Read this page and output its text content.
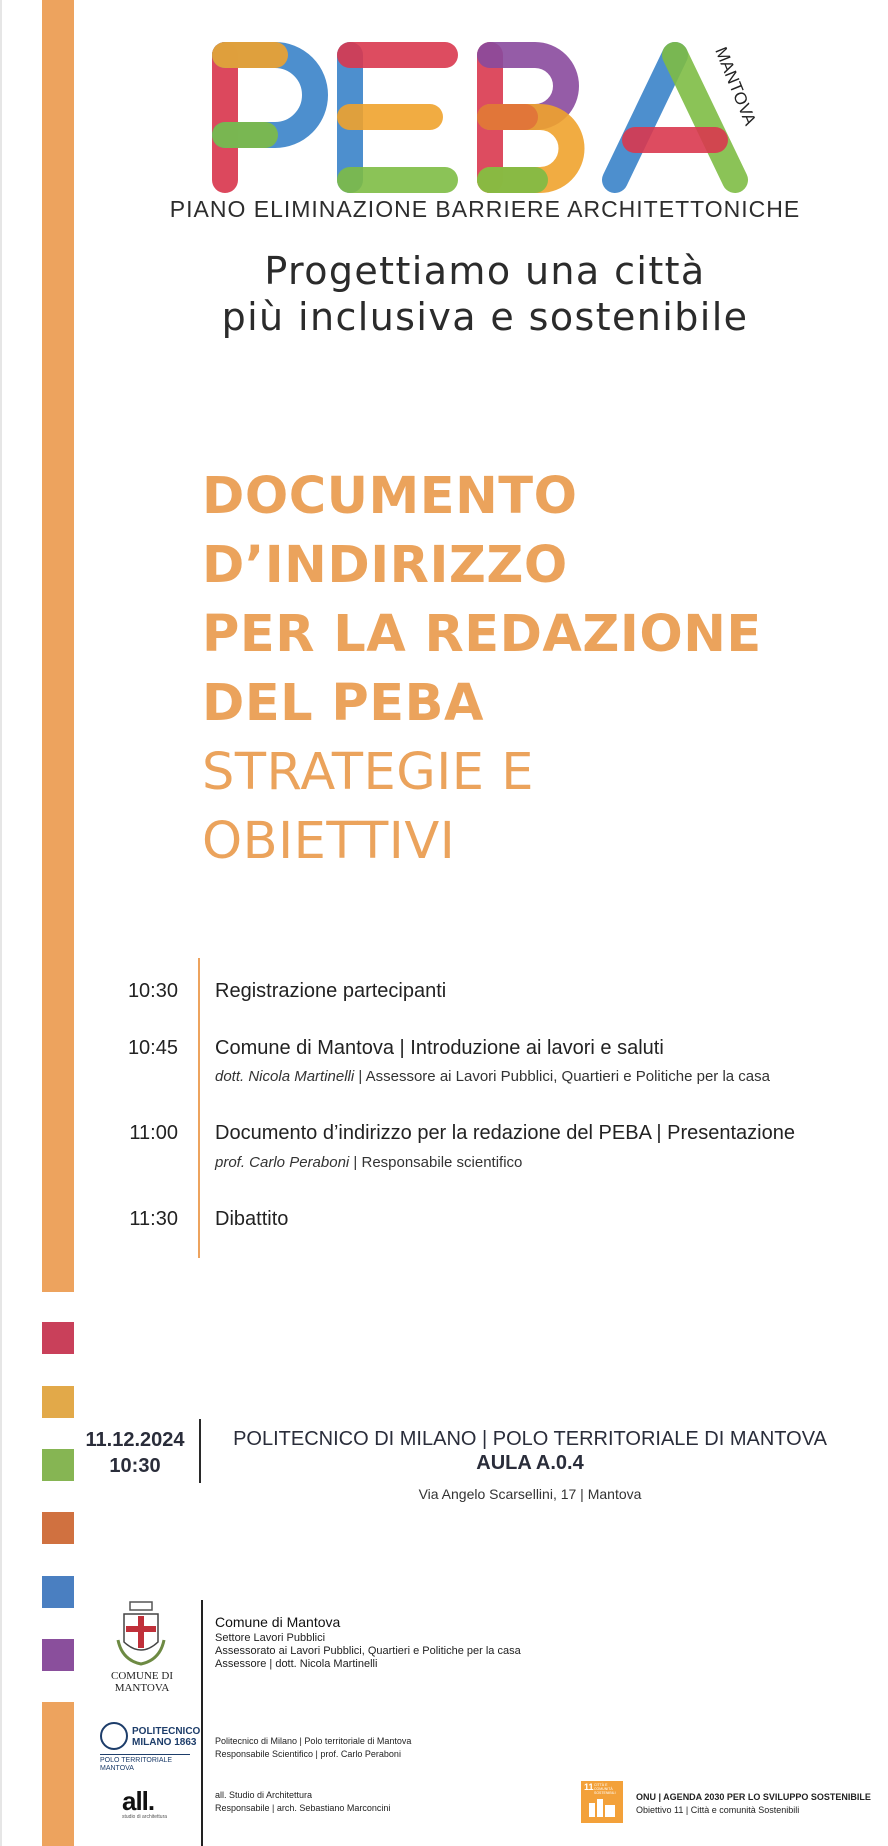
MANTOVA
PIANO ELIMINAZIONE BARRIERE ARCHITETTONICHE
Progettiamo una città
più inclusiva e sostenibile
DOCUMENTO
D’INDIRIZZO
PER LA REDAZIONE
DEL PEBA
STRATEGIE E
OBIETTIVI
10:30 Registrazione partecipanti
10:45 Comune di Mantova | Introduzione ai lavori e saluti
dott. Nicola Martinelli | Assessore ai Lavori Pubblici, Quartieri e Politiche per la casa
11:00 Documento d’indirizzo per la redazione del PEBA | Presentazione
prof. Carlo Peraboni | Responsabile scientifico
11:30 Dibattito
11.12.2024
10:30
POLITECNICO DI MILANO | POLO TERRITORIALE DI MANTOVA
AULA A.0.4
Via Angelo Scarsellini, 17 | Mantova
COMUNE DI
MANTOVA
Comune di Mantova
Settore Lavori Pubblici
Assessorato ai Lavori Pubblici, Quartieri e Politiche per la casa
Assessore | dott. Nicola Martinelli
POLITECNICO
MILANO 1863
POLO TERRITORIALE MANTOVA
Politecnico di Milano | Polo territoriale di Mantova
Responsabile Scientifico | prof. Carlo Peraboni
all.
studio di architettura
all. Studio di Architettura
Responsabile | arch. Sebastiano Marconcini
11 CITTÀ E COMUNITÀ SOSTENIBILI	ONU | AGENDA 2030 PER LO SVILUPPO SOSTENIBILE
Obiettivo 11 | Città e comunità Sostenibili
